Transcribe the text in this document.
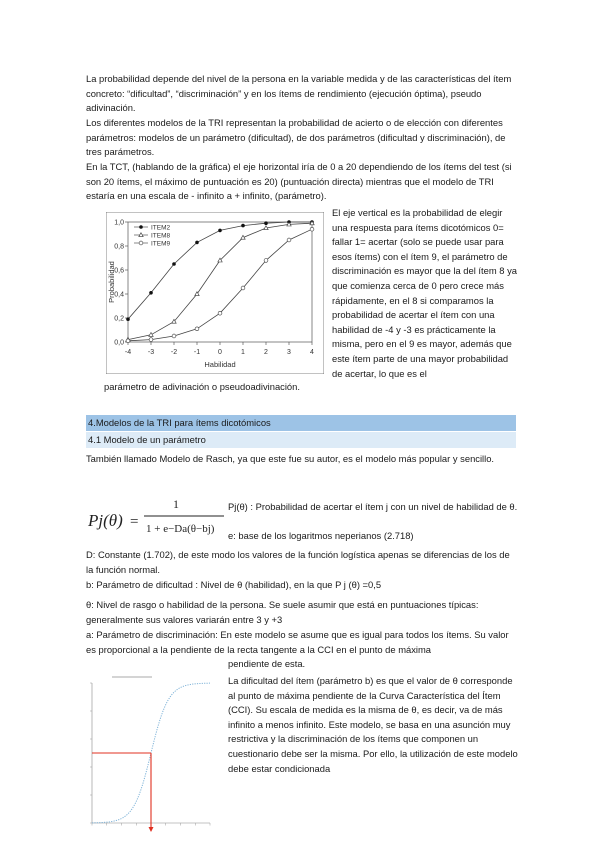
La probabilidad depende del nivel de la persona en la variable medida y de las características del ítem concreto: “dificultad”, “discriminación” y en los ítems de rendimiento (ejecución óptima), pseudo adivinación.

Los diferentes modelos de la TRI representan la probabilidad de acierto o de elección con diferentes parámetros: modelos de un parámetro (dificultad), de dos parámetros (dificultad y discriminación), de tres parámetros.

En la TCT, (hablando de la gráfica) el eje horizontal iría de 0 a 20 dependiendo de los ítems del test (si son 20 ítems, el máximo de puntuación es 20) (puntuación directa) mientras que el modelo de TRI estaría en una escala de - infinito a + infinito, (parámetro).

-4 -3 -2 -1	0	1	2	3	4
0,0
0,2
0,4
0,6
0,8
1,0
Habilidad
Probabilidad
ITEM2
ITEM8
ITEM9

El eje vertical es la probabilidad de elegir una respuesta para ítems dicotómicos 0= fallar 1= acertar (solo se puede usar para esos ítems) con el ítem 9, el parámetro de discriminación es mayor que la del ítem 8 ya que comienza cerca de 0 pero crece más rápidamente, en el 8 si comparamos la probabilidad de acertar el ítem con una habilidad de -4 y -3 es prácticamente la misma, pero en el 9 es mayor, además que este ítem parte de una mayor probabilidad de acertar, lo que es el

parámetro de adivinación o pseudoadivinación.

4.Modelos de la TRI para ítems dicotómicos
4.1 Modelo de un parámetro

También llamado Modelo de Rasch, ya que este fue su autor, es el modelo más popular y sencillo.

Pj(θ) =
1
1 + e−Da(θ−bj)

Pj(θ) : Probabilidad de acertar el ítem j con un nivel de habilidad de θ.

e: base de los logaritmos neperianos (2.718)

D: Constante (1.702), de este modo los valores de la función logística apenas se diferencias de los de la función normal.

b: Parámetro de dificultad : Nivel de θ (habilidad), en la que P j (θ) =0,5

θ: Nivel de rasgo o habilidad de la persona. Se suele asumir que está en puntuaciones típicas: generalmente sus valores variarán entre 3 y +3

a: Parámetro de discriminación: En este modelo se asume que es igual para todos los ítems. Su valor es proporcional a la pendiente de la recta tangente a la CCI en el punto de máxima

pendiente de esta.

La dificultad del ítem (parámetro b) es que el valor de θ corresponde al punto de máxima pendiente de la Curva Característica del Ítem (CCI). Su escala de medida es la misma de θ, es decir, va de más infinito a menos infinito. Este modelo, se basa en una asunción muy restrictiva y la discriminación de los ítems que componen un cuestionario debe ser la misma. Por ello, la utilización de este modelo debe estar condicionada
